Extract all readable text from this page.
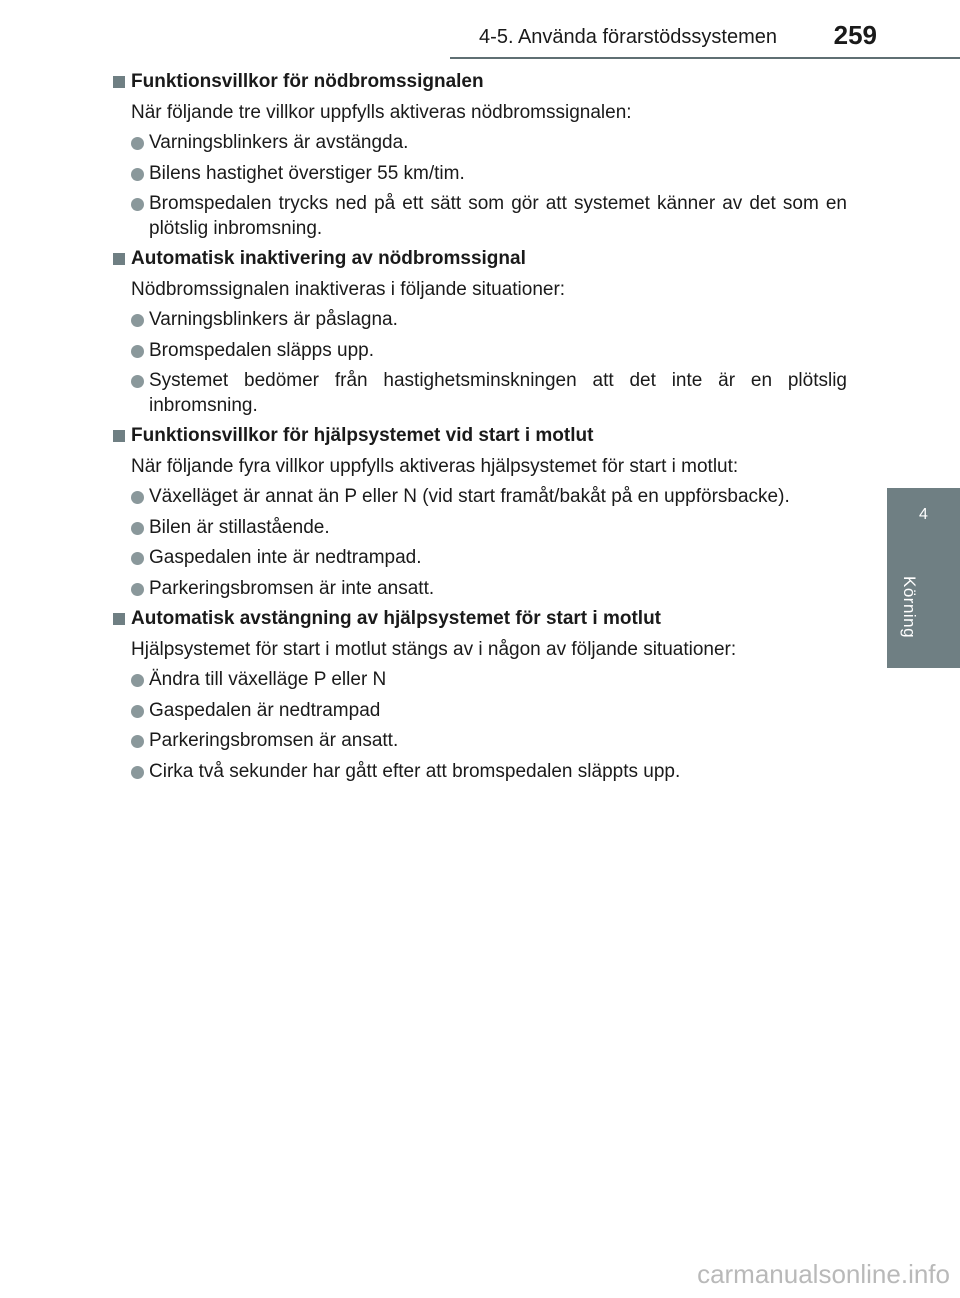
4-5. Använda förarstödssystemen 259
4
Körning

Funktionsvillkor för nödbromssignalen

När följande tre villkor uppfylls aktiveras nödbromssignalen:

Varningsblinkers är avstängda.

Bilens hastighet överstiger 55 km/tim.

Bromspedalen trycks ned på ett sätt som gör att systemet känner av det som en plötslig inbromsning.

Automatisk inaktivering av nödbromssignal

Nödbromssignalen inaktiveras i följande situationer:

Varningsblinkers är påslagna.

Bromspedalen släpps upp.

Systemet bedömer från hastighetsminskningen att det inte är en plötslig inbromsning.

Funktionsvillkor för hjälpsystemet vid start i motlut

När följande fyra villkor uppfylls aktiveras hjälpsystemet för start i motlut:

Växelläget är annat än P eller N (vid start framåt/bakåt på en uppförsbacke).

Bilen är stillastående.

Gaspedalen inte är nedtrampad.

Parkeringsbromsen är inte ansatt.

Automatisk avstängning av hjälpsystemet för start i motlut

Hjälpsystemet för start i motlut stängs av i någon av följande situationer:

Ändra till växelläge P eller N

Gaspedalen är nedtrampad

Parkeringsbromsen är ansatt.

Cirka två sekunder har gått efter att bromspedalen släppts upp.

carmanualsonline.info
